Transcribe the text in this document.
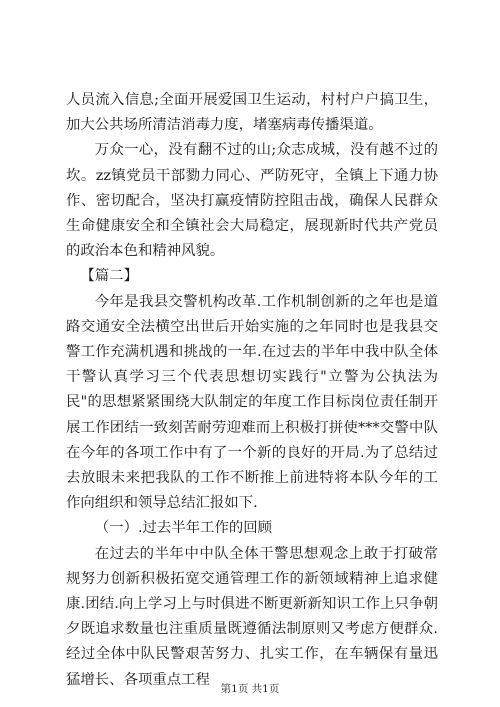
人员流入信息;全面开展爱国卫生运动，村村户户搞卫生，加大公共场所清洁消毒力度，堵塞病毒传播渠道。

万众一心，没有翻不过的山;众志成城，没有越不过的坎。zz镇党员干部勠力同心、严防死守，全镇上下通力协作、密切配合，坚决打赢疫情防控阻击战，确保人民群众生命健康安全和全镇社会大局稳定，展现新时代共产党员的政治本色和精神风貌。

【篇二】

今年是我县交警机构改革.工作机制创新的之年也是道路交通安全法横空出世后开始实施的之年同时也是我县交警工作充满机遇和挑战的一年.在过去的半年中我中队全体干警认真学习三个代表思想切实践行"立警为公执法为民"的思想紧紧围绕大队制定的年度工作目标岗位责任制开展工作团结一致刻苦耐劳迎难而上积极打拼使***交警中队在今年的各项工作中有了一个新的良好的开局.为了总结过去放眼未来把我队的工作不断推上前进特将本队今年的工作向组织和领导总结汇报如下.

（一）.过去半年工作的回顾

在过去的半年中中队全体干警思想观念上敢于打破常规努力创新积极拓宽交通管理工作的新领域精神上追求健康.团结.向上学习上与时俱进不断更新新知识工作上只争朝夕既追求数量也注重质量既遵循法制原则又考虑方便群众.经过全体中队民警艰苦努力、扎实工作，在车辆保有量迅猛增长、各项重点工程

第1页 共1页
